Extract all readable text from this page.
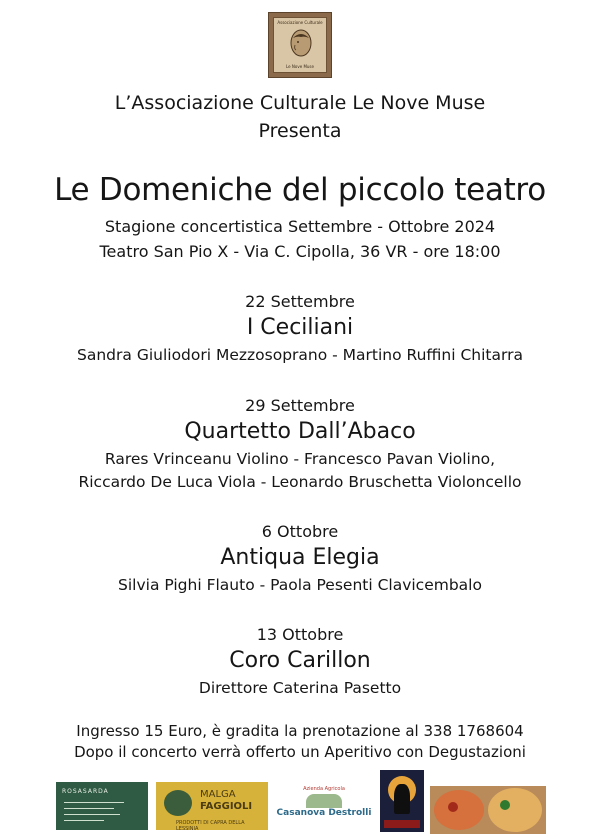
Associazione Culturale
Le Nove Muse
L’Associazione Culturale Le Nove Muse
Presenta
Le Domeniche del piccolo teatro
Stagione concertistica Settembre - Ottobre 2024
Teatro San Pio X - Via C. Cipolla, 36 VR - ore 18:00
22 Settembre
I Ceciliani
Sandra Giuliodori Mezzosoprano - Martino Ruffini Chitarra
29 Settembre
Quartetto Dall’Abaco
Rares Vrinceanu Violino - Francesco Pavan Violino,
Riccardo De Luca Viola - Leonardo Bruschetta Violoncello
6 Ottobre
Antiqua Elegia
Silvia Pighi Flauto - Paola Pesenti Clavicembalo
13 Ottobre
Coro Carillon
Direttore Caterina Pasetto
Ingresso 15 Euro, è gradita la prenotazione al 338 1768604
Dopo il concerto verrà offerto un Aperitivo con Degustazioni
ROSASARDA	MALGA
FAGGIOLI
PRODOTTI DI CAPRA DELLA LESSINIA
Azienda Agricola
Casanova Destrolli
